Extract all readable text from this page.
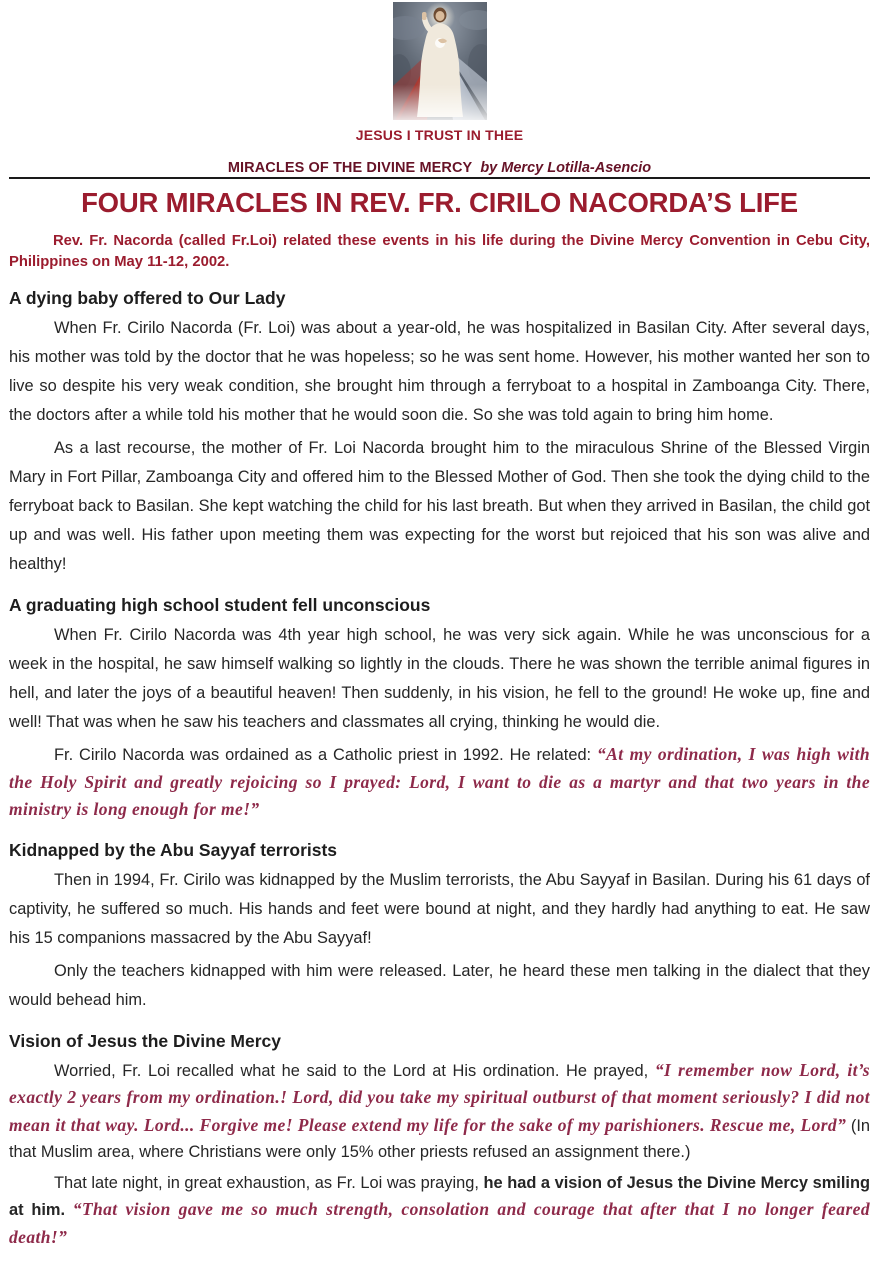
JESUS I TRUST IN THEE
MIRACLES OF THE DIVINE MERCY by Mercy Lotilla-Asencio
FOUR MIRACLES IN REV. FR. CIRILO NACORDA’S LIFE

Rev. Fr. Nacorda (called Fr.Loi) related these events in his life during the Divine Mercy Convention in Cebu City, Philippines on May 11-12, 2002.

A dying baby offered to Our Lady

When Fr. Cirilo Nacorda (Fr. Loi) was about a year-old, he was hospitalized in Basilan City. After several days, his mother was told by the doctor that he was hopeless; so he was sent home. However, his mother wanted her son to live so despite his very weak condition, she brought him through a ferryboat to a hospital in Zamboanga City. There, the doctors after a while told his mother that he would soon die. So she was told again to bring him home.

As a last recourse, the mother of Fr. Loi Nacorda brought him to the miraculous Shrine of the Blessed Virgin Mary in Fort Pillar, Zamboanga City and offered him to the Blessed Mother of God. Then she took the dying child to the ferryboat back to Basilan. She kept watching the child for his last breath. But when they arrived in Basilan, the child got up and was well. His father upon meeting them was expecting for the worst but rejoiced that his son was alive and healthy!

A graduating high school student fell unconscious

When Fr. Cirilo Nacorda was 4th year high school, he was very sick again. While he was unconscious for a week in the hospital, he saw himself walking so lightly in the clouds. There he was shown the terrible animal figures in hell, and later the joys of a beautiful heaven! Then suddenly, in his vision, he fell to the ground! He woke up, fine and well! That was when he saw his teachers and classmates all crying, thinking he would die.

Fr. Cirilo Nacorda was ordained as a Catholic priest in 1992. He related: “At my ordination, I was high with the Holy Spirit and greatly rejoicing so I prayed: Lord, I want to die as a martyr and that two years in the ministry is long enough for me!”

Kidnapped by the Abu Sayyaf terrorists

Then in 1994, Fr. Cirilo was kidnapped by the Muslim terrorists, the Abu Sayyaf in Basilan. During his 61 days of captivity, he suffered so much. His hands and feet were bound at night, and they hardly had anything to eat. He saw his 15 companions massacred by the Abu Sayyaf!

Only the teachers kidnapped with him were released. Later, he heard these men talking in the dialect that they would behead him.

Vision of Jesus the Divine Mercy

Worried, Fr. Loi recalled what he said to the Lord at His ordination. He prayed, “I remember now Lord, it’s exactly 2 years from my ordination.! Lord, did you take my spiritual outburst of that moment seriously? I did not mean it that way. Lord... Forgive me! Please extend my life for the sake of my parishioners. Rescue me, Lord” (In that Muslim area, where Christians were only 15% other priests refused an assignment there.)

That late night, in great exhaustion, as Fr. Loi was praying, he had a vision of Jesus the Divine Mercy smiling at him. “That vision gave me so much strength, consolation and courage that after that I no longer feared death!”
